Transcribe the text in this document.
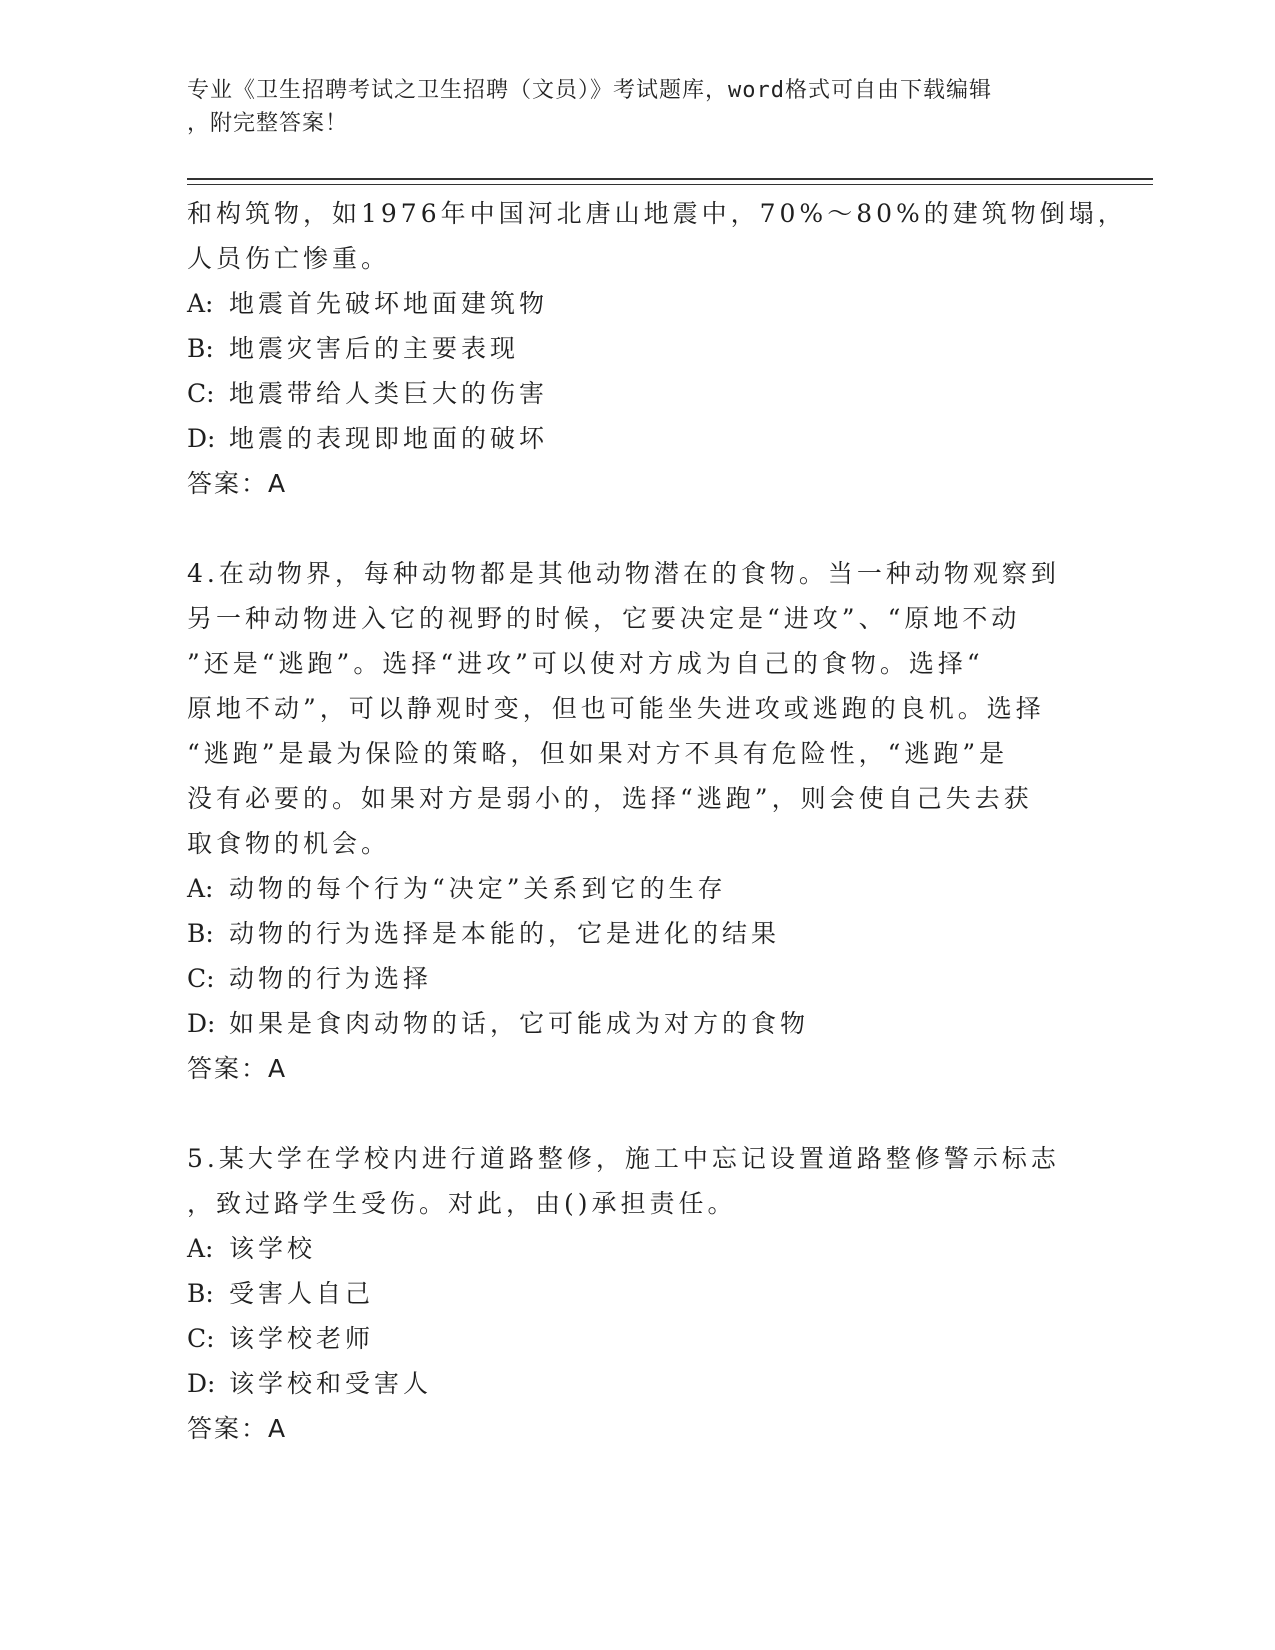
专业《卫生招聘考试之卫生招聘（文员）》考试题库，word格式可自由下载编辑
，附完整答案！
和构筑物，如1976年中国河北唐山地震中，70%～80%的建筑物倒塌，
人员伤亡惨重。
A: 地震首先破坏地面建筑物
B: 地震灾害后的主要表现
C: 地震带给人类巨大的伤害
D: 地震的表现即地面的破坏
答案：A
4.在动物界，每种动物都是其他动物潜在的食物。当一种动物观察到
另一种动物进入它的视野的时候，它要决定是“进攻”、“原地不动
”还是“逃跑”。选择“进攻”可以使对方成为自己的食物。选择“
原地不动”，可以静观时变，但也可能坐失进攻或逃跑的良机。选择
“逃跑”是最为保险的策略，但如果对方不具有危险性，“逃跑”是
没有必要的。如果对方是弱小的，选择“逃跑”，则会使自己失去获
取食物的机会。
A: 动物的每个行为“决定”关系到它的生存
B: 动物的行为选择是本能的，它是进化的结果
C: 动物的行为选择
D: 如果是食肉动物的话，它可能成为对方的食物
答案：A
5.某大学在学校内进行道路整修，施工中忘记设置道路整修警示标志
，致过路学生受伤。对此，由()承担责任。
A: 该学校
B: 受害人自己
C: 该学校老师
D: 该学校和受害人
答案：A
